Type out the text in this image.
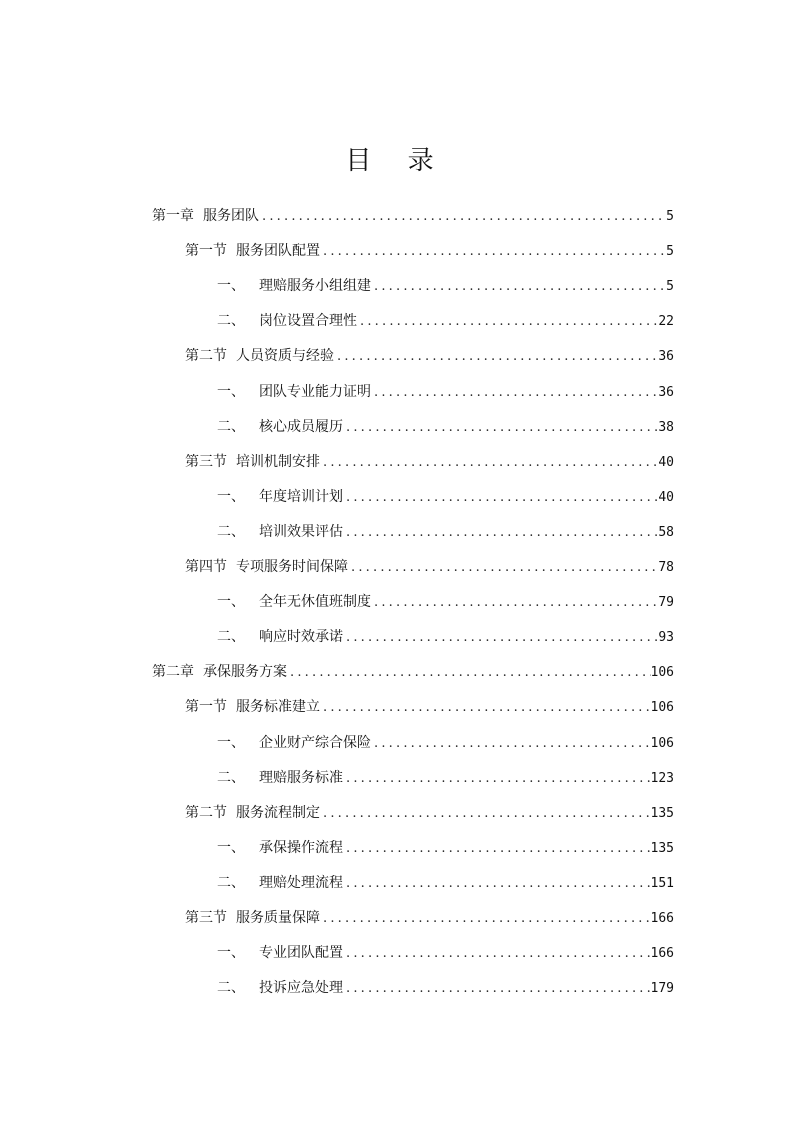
目 录
第一章 服务团队 .....	5
第一节 服务团队配置 .....	5
一、	理赔服务小组组建 .....	5
二、	岗位设置合理性 .....	22
第二节 人员资质与经验 .....	36
一、	团队专业能力证明 .....	36
二、	核心成员履历 .....	38
第三节 培训机制安排 .....	40
一、	年度培训计划 .....	40
二、	培训效果评估 .....	58
第四节 专项服务时间保障 .....	78
一、	全年无休值班制度 .....	79
二、	响应时效承诺 .....	93
第二章 承保服务方案 .....	106
第一节 服务标准建立 .....	106
一、	企业财产综合保险 .....	106
二、	理赔服务标准 .....	123
第二节 服务流程制定 .....	135
一、	承保操作流程 .....	135
二、	理赔处理流程 .....	151
第三节 服务质量保障 .....	166
一、	专业团队配置 .....	166
二、	投诉应急处理 .....	179
